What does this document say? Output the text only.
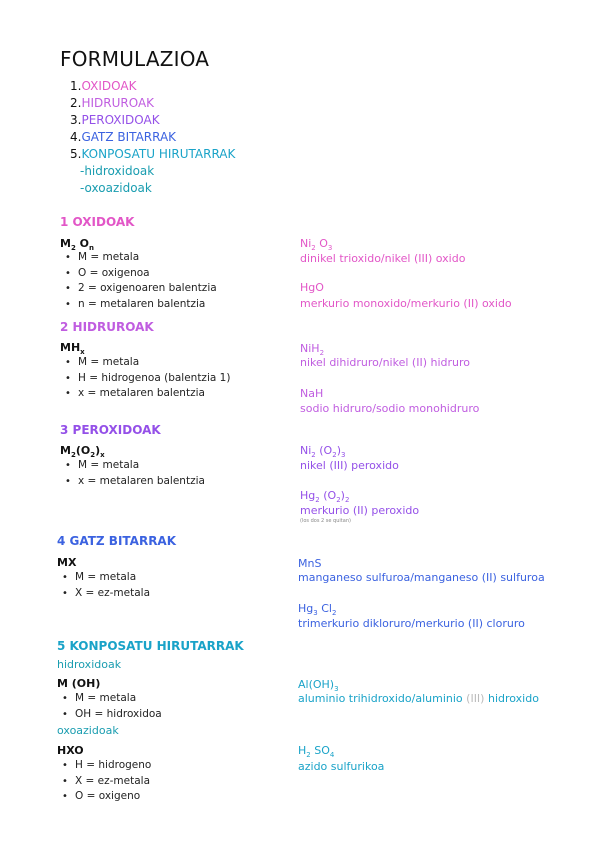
FORMULAZIOA
1.OXIDOAK
2.HIDRUROAK
3.PEROXIDOAK
4.GATZ BITARRAK
5.KONPOSATU HIRUTARRAK
-hidroxidoak
-oxoazidoak
1 OXIDOAK
$M_2$ $O_n$
• M = metala
• O = oxigenoa
• 2 = oxigenoaren balentzia
• n = metalaren balentzia
$Ni_2$ $O_3$
dinikel trioxido/nikel (III) oxido
HgO
merkurio monoxido/merkurio (II) oxido
2 HIDRUROAK
$MH_x$
• M = metala
• H = hidrogenoa (balentzia 1)
• x = metalaren balentzia
NiH$_2$
nikel dihidruro/nikel (II) hidruro
NaH
sodio hidruro/sodio monohidruro
3 PEROXIDOAK
$M_2(O_2)_x$
• M = metala
• x = metalaren balentzia
$Ni_2$ $(O_2)_3$
nikel (III) peroxido
$Hg_2$ $(O_2)_2$
merkurio (II) peroxido
(los dos 2 se quitan)
4 GATZ BITARRAK
MX
• M = metala
• X = ez-metala
MnS
manganeso sulfuroa/manganeso (II) sulfuroa
$Hg_3$ $Cl_2$
trimerkurio dikloruro/merkurio (II) cloruro
5 KONPOSATU HIRUTARRAK
hidroxidoak
M (OH)
• M = metala
• OH = hidroxidoa
$Al(OH)_3$
aluminio trihidroxido/aluminio (III) hidroxido
oxoazidoak
HXO
• H = hidrogeno
• X = ez-metala
• O = oxigeno
$H_2$ $SO_4$
azido sulfurikoa
